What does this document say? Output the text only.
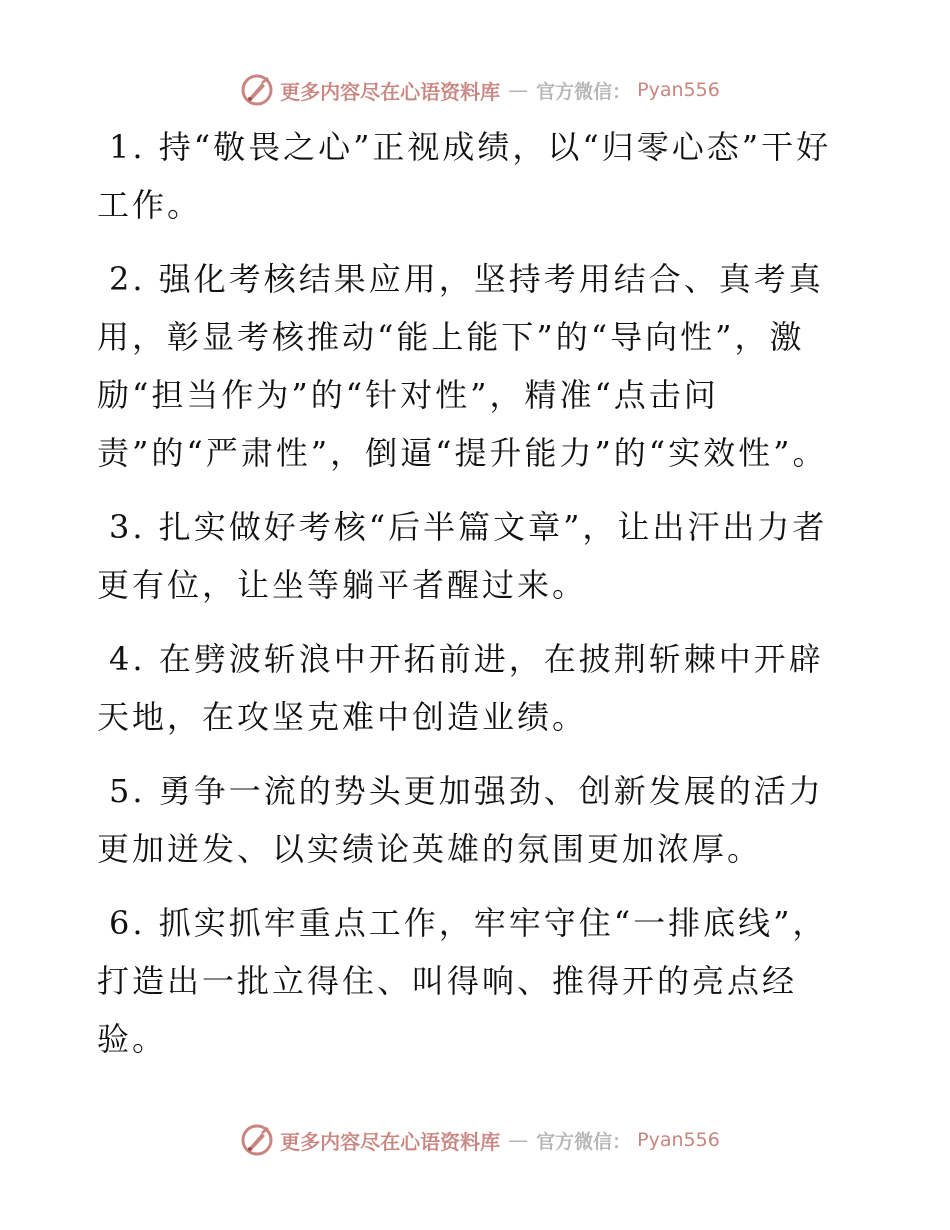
更多内容尽在心语资料库 — 官方微信： Pyan556

1. 持“敬畏之心”正视成绩，以“归零心态”干好工作。

2. 强化考核结果应用，坚持考用结合、真考真用，彰显考核推动“能上能下”的“导向性”，激励“担当作为”的“针对性”，精准“点击问责”的“严肃性”，倒逼“提升能力”的“实效性”。

3. 扎实做好考核“后半篇文章”，让出汗出力者更有位，让坐等躺平者醒过来。

4. 在劈波斩浪中开拓前进，在披荆斩棘中开辟天地，在攻坚克难中创造业绩。

5. 勇争一流的势头更加强劲、创新发展的活力更加迸发、以实绩论英雄的氛围更加浓厚。

6. 抓实抓牢重点工作，牢牢守住“一排底线”，打造出一批立得住、叫得响、推得开的亮点经验。

更多内容尽在心语资料库 — 官方微信： Pyan556
